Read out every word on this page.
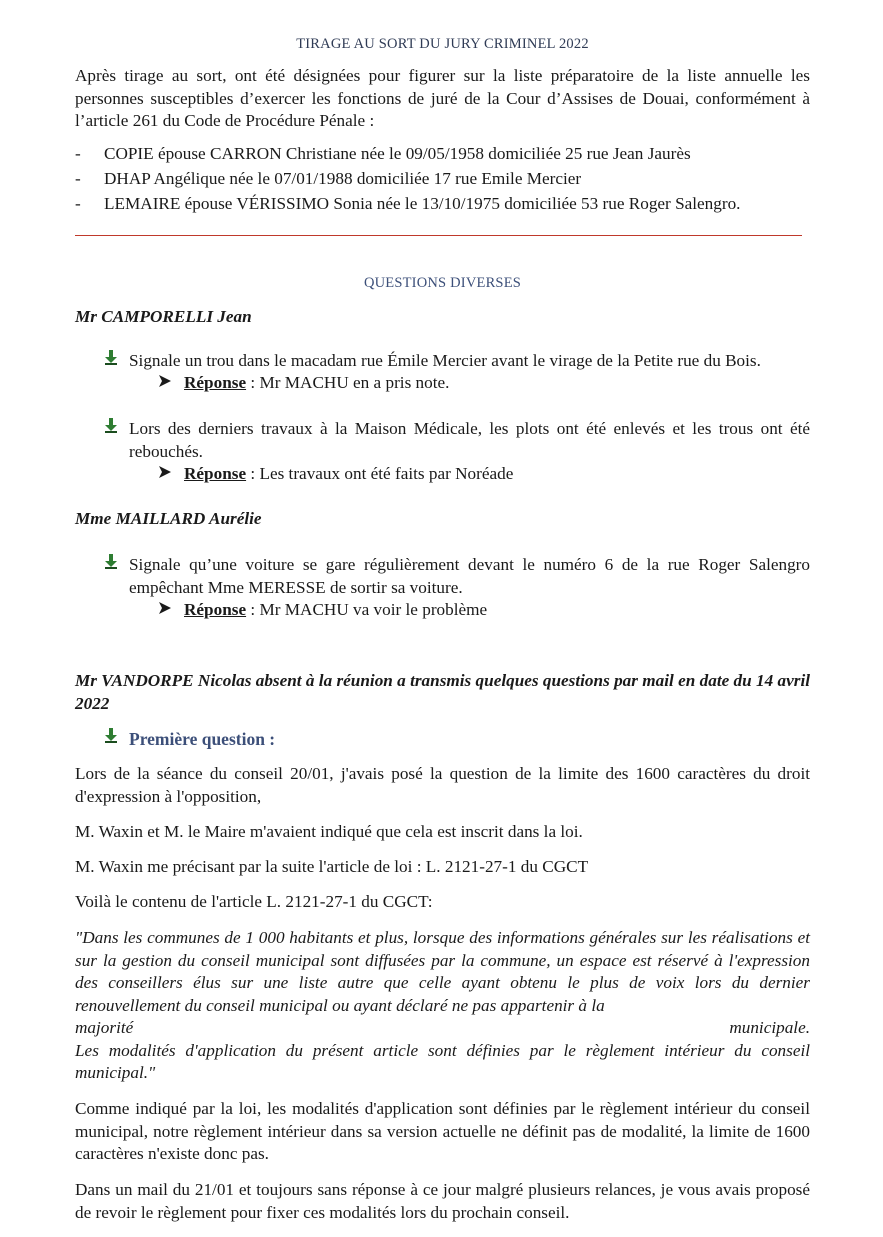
TIRAGE AU SORT DU JURY CRIMINEL 2022

Après tirage au sort, ont été désignées pour figurer sur la liste préparatoire de la liste annuelle les personnes susceptibles d’exercer les fonctions de juré de la Cour d’Assises de Douai, conformément à l’article 261 du Code de Procédure Pénale :

- COPIE épouse CARRON Christiane née le 09/05/1958 domiciliée 25 rue Jean Jaurès
- DHAP Angélique née le 07/01/1988 domiciliée 17 rue Emile Mercier
- LEMAIRE épouse VÉRISSIMO Sonia née le 13/10/1975 domiciliée 53 rue Roger Salengro.
QUESTIONS DIVERSES
Mr CAMPORELLI Jean
Signale un trou dans le macadam rue Émile Mercier avant le virage de la Petite rue du Bois.
Réponse : Mr MACHU en a pris note.
Lors des derniers travaux à la Maison Médicale, les plots ont été enlevés et les trous ont été rebouchés.
Réponse : Les travaux ont été faits par Noréade
Mme MAILLARD Aurélie
Signale qu’une voiture se gare régulièrement devant le numéro 6 de la rue Roger Salengro empêchant Mme MERESSE de sortir sa voiture.
Réponse : Mr MACHU va voir le problème
Mr VANDORPE Nicolas absent à la réunion a transmis quelques questions par mail en date du 14 avril 2022
Première question :

Lors de la séance du conseil 20/01, j'avais posé la question de la limite des 1600 caractères du droit d'expression à l'opposition,

M. Waxin et M. le Maire m'avaient indiqué que cela est inscrit dans la loi.

M. Waxin me précisant par la suite l'article de loi : L. 2121-27-1 du CGCT

Voilà le contenu de l'article L. 2121-27-1 du CGCT:

"Dans les communes de 1 000 habitants et plus, lorsque des informations générales sur les réalisations et sur la gestion du conseil municipal sont diffusées par la commune, un espace est réservé à l'expression des conseillers élus sur une liste autre que celle ayant obtenu le plus de voix lors du dernier renouvellement du conseil municipal ou ayant déclaré ne pas appartenir à la

majorité	municipale.

Les modalités d'application du présent article sont définies par le règlement intérieur du conseil municipal."

Comme indiqué par la loi, les modalités d'application sont définies par le règlement intérieur du conseil municipal, notre règlement intérieur dans sa version actuelle ne définit pas de modalité, la limite de 1600 caractères n'existe donc pas.

Dans un mail du 21/01 et toujours sans réponse à ce jour malgré plusieurs relances, je vous avais proposé de revoir le règlement pour fixer ces modalités lors du prochain conseil.
